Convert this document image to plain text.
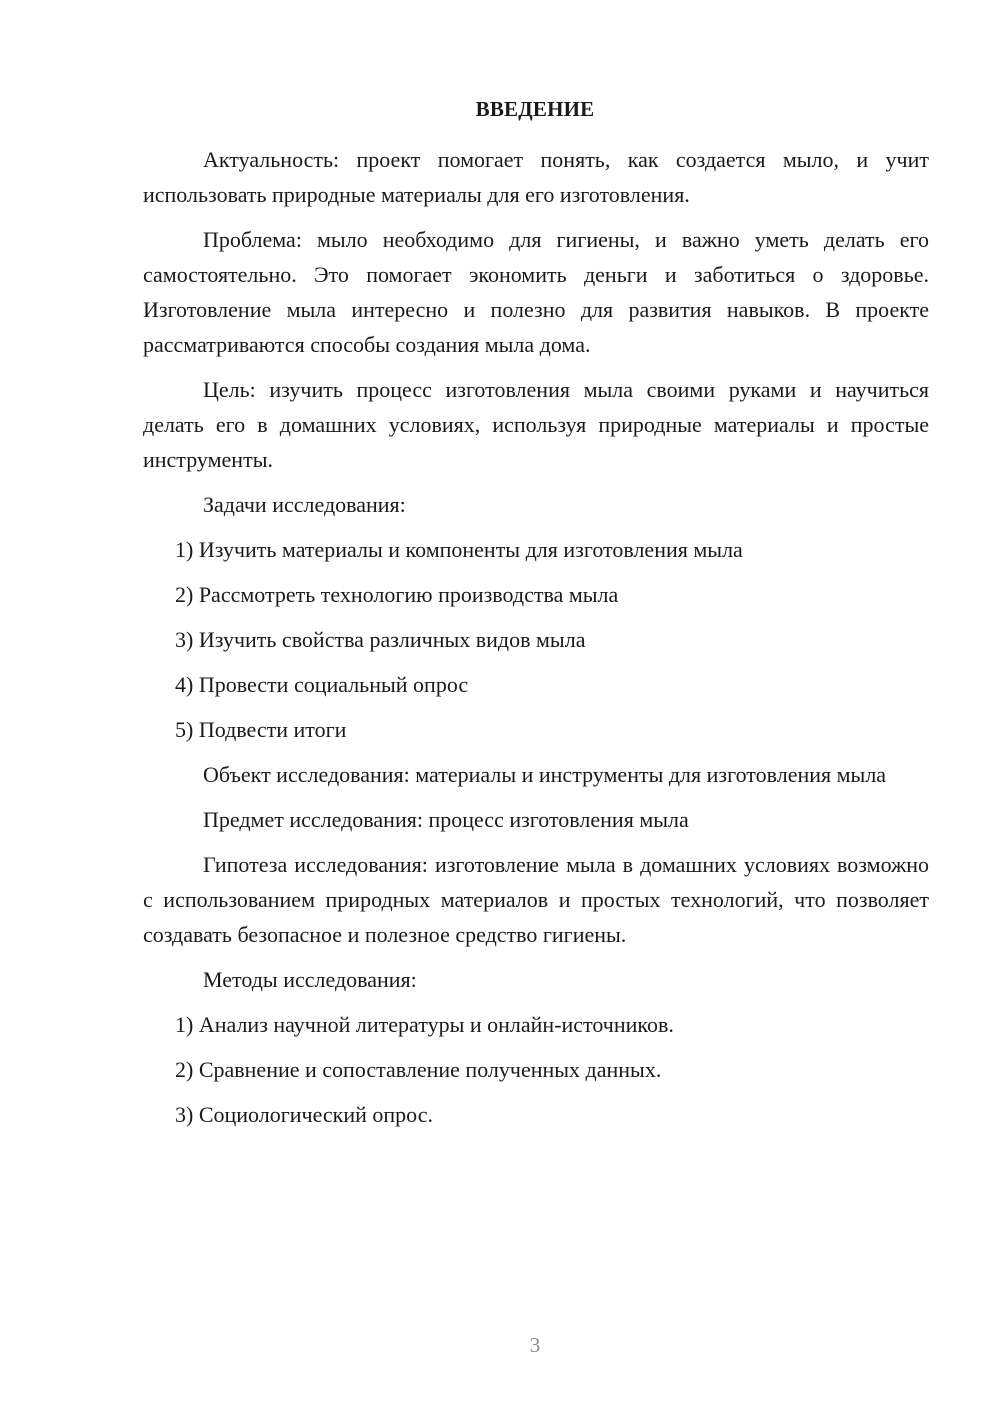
ВВЕДЕНИЕ

Актуальность: проект помогает понять, как создается мыло, и учит использовать природные материалы для его изготовления.

Проблема: мыло необходимо для гигиены, и важно уметь делать его самостоятельно. Это помогает экономить деньги и заботиться о здоровье. Изготовление мыла интересно и полезно для развития навыков. В проекте рассматриваются способы создания мыла дома.

Цель: изучить процесс изготовления мыла своими руками и научиться делать его в домашних условиях, используя природные материалы и простые инструменты.

Задачи исследования:

1) Изучить материалы и компоненты для изготовления мыла
2) Рассмотреть технологию производства мыла
3) Изучить свойства различных видов мыла
4) Провести социальный опрос
5) Подвести итоги

Объект исследования: материалы и инструменты для изготовления мыла

Предмет исследования: процесс изготовления мыла

Гипотеза исследования: изготовление мыла в домашних условиях возможно с использованием природных материалов и простых технологий, что позволяет создавать безопасное и полезное средство гигиены.

Методы исследования:

1) Анализ научной литературы и онлайн-источников.
2) Сравнение и сопоставление полученных данных.
3) Социологический опрос.
3
